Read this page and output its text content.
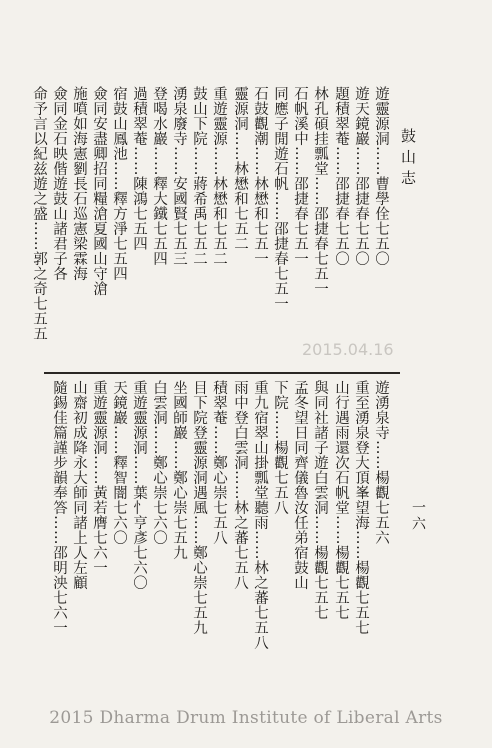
鼓山志
一六
遊靈源洞……曹學佺七五〇
遊天鏡巖……邵捷春七五〇
題積翠菴……邵捷春七五〇
林孔碩挂瓢堂……邵捷春七五一
石帆溪中……邵捷春七五一
同應子閒遊石帆……邵捷春七五一
石鼓觀潮……林懋和七五一
靈源洞……林懋和七五二
重遊靈源……林懋和七五二
鼓山下院……蔣希禹七五二
湧泉廢寺……安國賢七五三
登喝水巖……釋大鐵七五四
過積翠菴……陳鴻七五四
宿鼓山鳳池……釋方淨七五四
僉同安盡卿招同糧滄夏國山守滄
施噴如海憲劉長石巡憲梁霖海
僉同金石映偕遊鼓山諸君子各
命予言以紀兹遊之盛……郭之奇七五五
2015.04.16
遊湧泉寺……楊觀七五六
重至湧泉登大頂峯望海……楊觀七五七
山行遇雨還次石帆堂……楊觀七五七
與同社諸子遊白雲洞……楊觀七五七
孟冬望日同齊儀魯汝任弟宿鼓山
下院……楊觀七五八
重九宿翠山掛瓢堂聽雨……林之蕃七五八
雨中登白雲洞……林之蕃七五八
積翠菴……鄭心崇七五八
目下院登靈源洞遇風……鄭心崇七五九
坐國師巖……鄭心崇七五九
白雲洞……鄭心崇七六〇
重遊靈源洞……葉忄亨彥七六〇
天鏡巖……釋智闇七六〇
重遊靈源洞……黃若膺七六一
山齋初成降永大師同諸上人左顧
隨錫佳篇謹步韻奉答……邵明泱七六一
2015 Dharma Drum Institute of Liberal Arts
